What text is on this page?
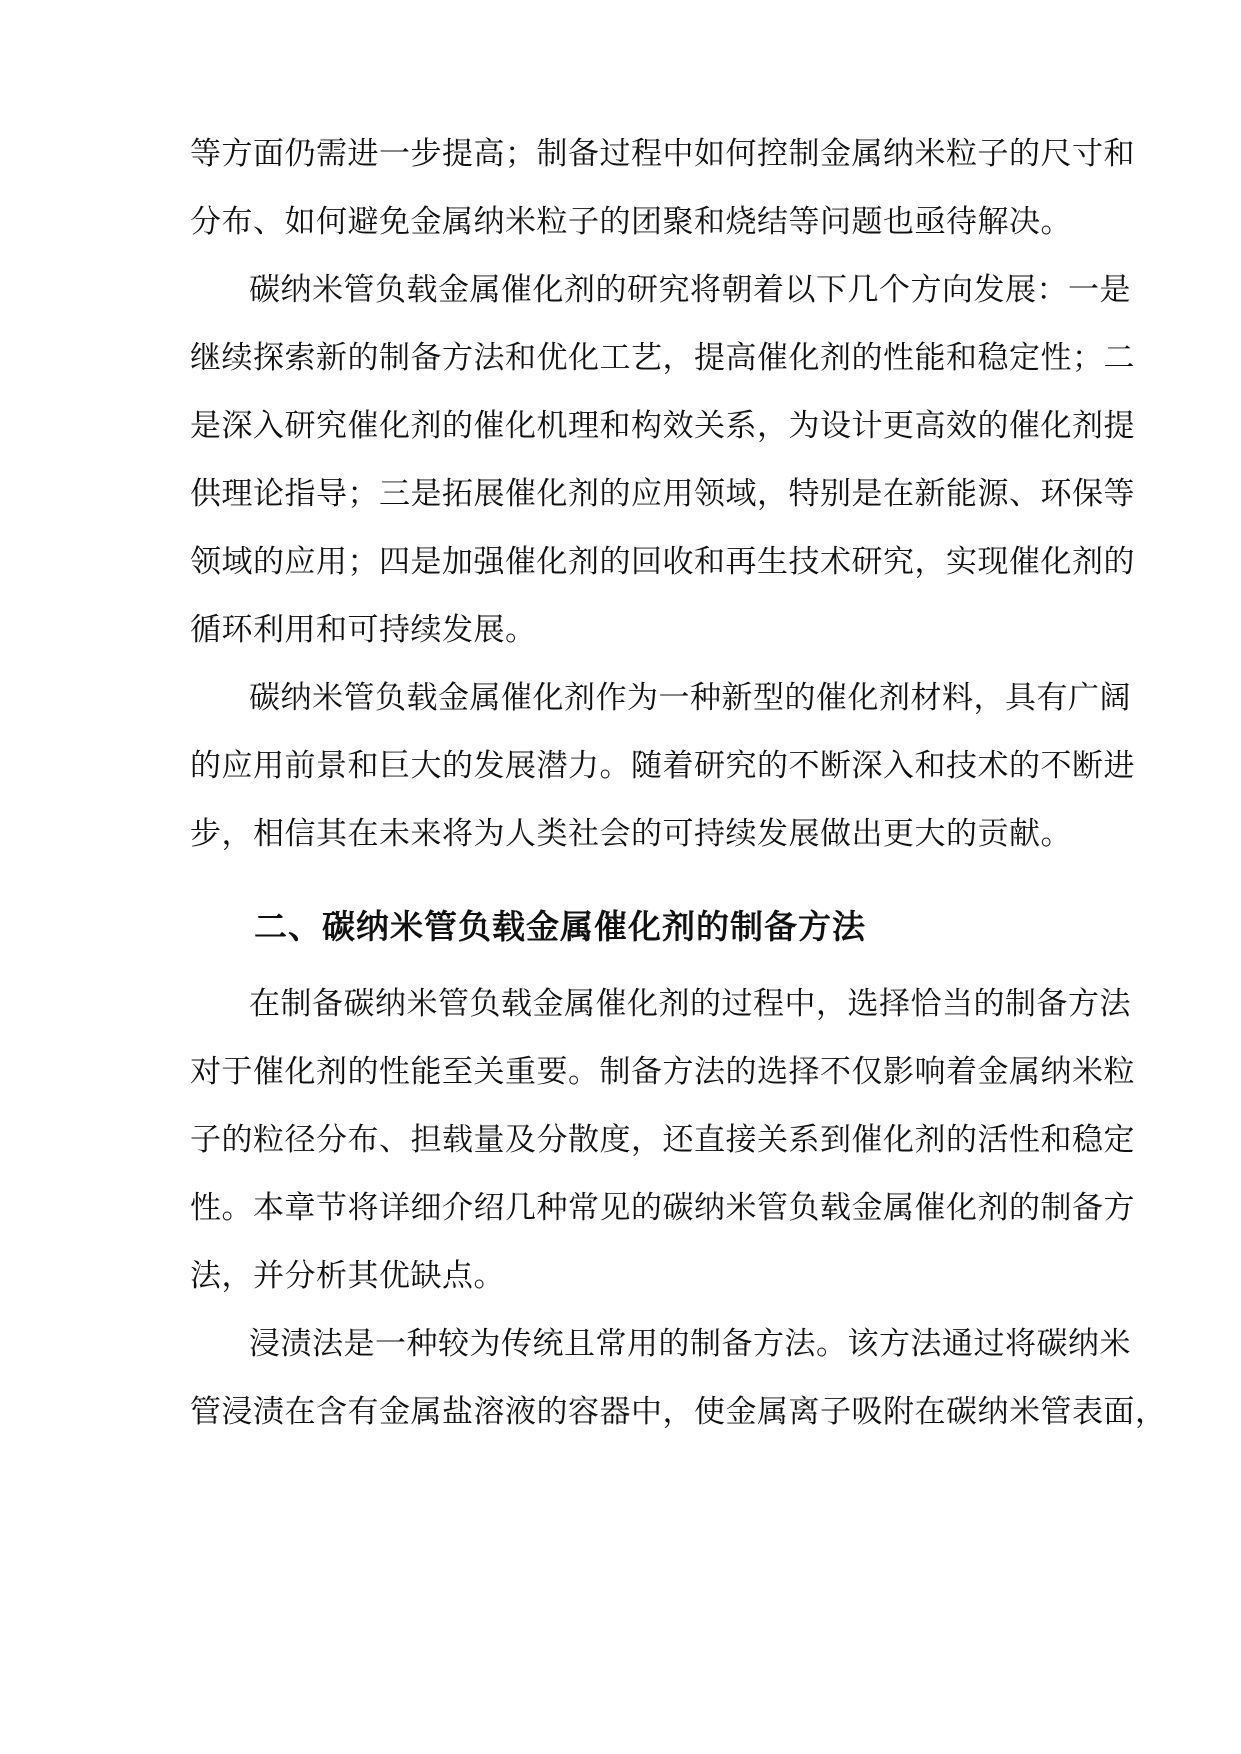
等方面仍需进一步提高；制备过程中如何控制金属纳米粒子的尺寸和
分布、如何避免金属纳米粒子的团聚和烧结等问题也亟待解决。
碳纳米管负载金属催化剂的研究将朝着以下几个方向发展：一是
继续探索新的制备方法和优化工艺，提高催化剂的性能和稳定性；二
是深入研究催化剂的催化机理和构效关系，为设计更高效的催化剂提
供理论指导；三是拓展催化剂的应用领域，特别是在新能源、环保等
领域的应用；四是加强催化剂的回收和再生技术研究，实现催化剂的
循环利用和可持续发展。
碳纳米管负载金属催化剂作为一种新型的催化剂材料，具有广阔
的应用前景和巨大的发展潜力。随着研究的不断深入和技术的不断进
步，相信其在未来将为人类社会的可持续发展做出更大的贡献。
二、碳纳米管负载金属催化剂的制备方法
在制备碳纳米管负载金属催化剂的过程中，选择恰当的制备方法
对于催化剂的性能至关重要。制备方法的选择不仅影响着金属纳米粒
子的粒径分布、担载量及分散度，还直接关系到催化剂的活性和稳定
性。本章节将详细介绍几种常见的碳纳米管负载金属催化剂的制备方
法，并分析其优缺点。
浸渍法是一种较为传统且常用的制备方法。该方法通过将碳纳米
管浸渍在含有金属盐溶液的容器中，使金属离子吸附在碳纳米管表面，
